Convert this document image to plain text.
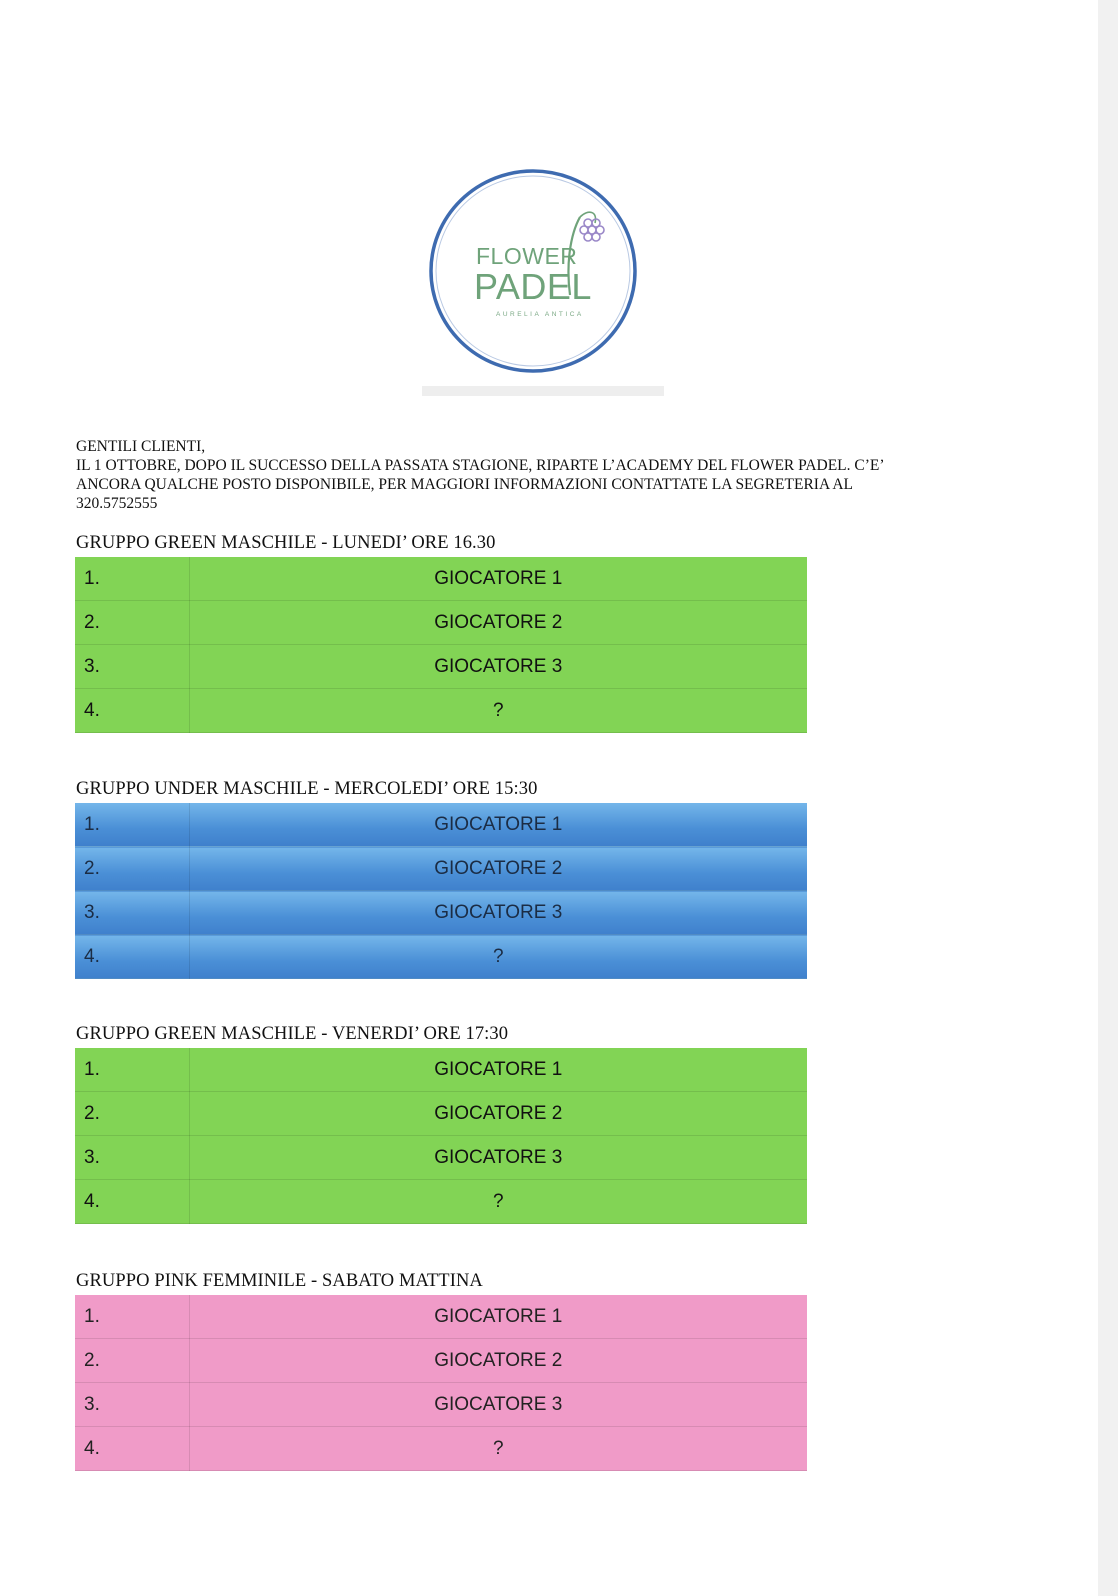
FLOWER
PADEL
AURELIA ANTICA
GENTILI CLIENTI,
IL 1 OTTOBRE, DOPO IL SUCCESSO DELLA PASSATA STAGIONE, RIPARTE L’ACADEMY DEL FLOWER PADEL. C’E’
ANCORA QUALCHE POSTO DISPONIBILE, PER MAGGIORI INFORMAZIONI CONTATTATE LA SEGRETERIA AL
320.5752555
GRUPPO GREEN MASCHILE - LUNEDI’ ORE 16.30
1.	GIOCATORE 1
2.	GIOCATORE 2
3.	GIOCATORE 3
4.	?
GRUPPO UNDER MASCHILE - MERCOLEDI’ ORE 15:30
1.	GIOCATORE 1
2.	GIOCATORE 2
3.	GIOCATORE 3
4.	?
GRUPPO GREEN MASCHILE - VENERDI’ ORE 17:30
1.	GIOCATORE 1
2.	GIOCATORE 2
3.	GIOCATORE 3
4.	?
GRUPPO PINK FEMMINILE - SABATO MATTINA
1.	GIOCATORE 1
2.	GIOCATORE 2
3.	GIOCATORE 3
4.	?
